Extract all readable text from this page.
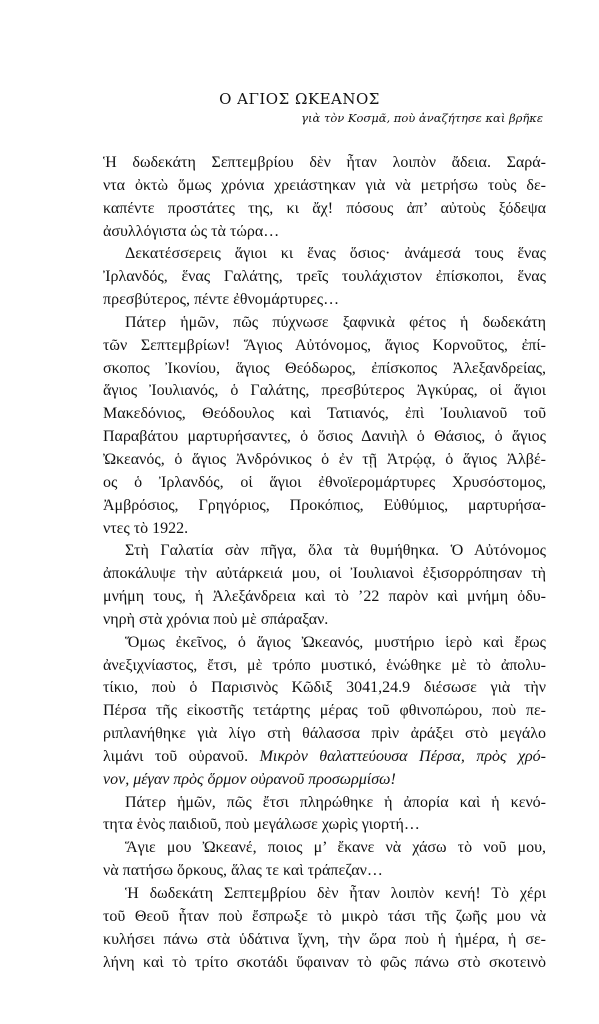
Ο ΑΓΙΟΣ ΩΚΕΑΝΟΣ
γιὰ τὸν Κοσμᾶ, ποὺ ἀναζήτησε καὶ βρῆκε
Ἡ δωδεκάτη Σεπτεμβρίου δὲν ἦταν λοιπὸν ἄδεια. Σαρά-
ντα ὀκτὼ ὅμως χρόνια χρειάστηκαν γιὰ νὰ μετρήσω τοὺς δε-
καπέντε προστάτες της, κι ἄχ! πόσους ἀπ’ αὐτοὺς ξόδεψα
ἀσυλλόγιστα ὡς τὰ τώρα…
Δεκατέσσερεις ἅγιοι κι ἕνας ὅσιος· ἀνάμεσά τους ἕνας
Ἰρλανδός, ἕνας Γαλάτης, τρεῖς τουλάχιστον ἐπίσκοποι, ἕνας
πρεσβύτερος, πέντε ἐθνομάρτυρες…
Πάτερ ἡμῶν, πῶς πύχνωσε ξαφνικὰ φέτος ἡ δωδεκάτη
τῶν Σεπτεμβρίων! Ἅγιος Αὐτόνομος, ἅγιος Κορνοῦτος, ἐπί-
σκοπος Ἰκονίου, ἅγιος Θεόδωρος, ἐπίσκοπος Ἀλεξανδρείας,
ἅγιος Ἰουλιανός, ὁ Γαλάτης, πρεσβύτερος Ἀγκύρας, οἱ ἅγιοι
Μακεδόνιος, Θεόδουλος καὶ Τατιανός, ἐπὶ Ἰουλιανοῦ τοῦ
Παραβάτου μαρτυρήσαντες, ὁ ὅσιος Δανιὴλ ὁ Θάσιος, ὁ ἅγιος
Ὠκεανός, ὁ ἅγιος Ἀνδρόνικος ὁ ἐν τῇ Ἀτρῴᾳ, ὁ ἅγιος Ἀλβέ-
ος ὁ Ἰρλανδός, οἱ ἅγιοι ἐθνοϊερομάρτυρες Χρυσόστομος,
Ἀμβρόσιος, Γρηγόριος, Προκόπιος, Εὐθύμιος, μαρτυρήσα-
ντες τὸ 1922.
Στὴ Γαλατία σὰν πῆγα, ὅλα τὰ θυμήθηκα. Ὁ Αὐτόνομος
ἀποκάλυψε τὴν αὐτάρκειά μου, οἱ Ἰουλιανοὶ ἐξισορρόπησαν τὴ
μνήμη τους, ἡ Ἀλεξάνδρεια καὶ τὸ ’22 παρὸν καὶ μνήμη ὀδυ-
νηρὴ στὰ χρόνια ποὺ μὲ σπάραξαν.
Ὅμως ἐκεῖνος, ὁ ἅγιος Ὠκεανός, μυστήριο ἱερὸ καὶ ἔρως
ἀνεξιχνίαστος, ἔτσι, μὲ τρόπο μυστικό, ἑνώθηκε μὲ τὸ ἀπολυ-
τίκιο, ποὺ ὁ Παρισινὸς Κῶδιξ 3041,24.9 διέσωσε γιὰ τὴν
Πέρσα τῆς εἰκοστῆς τετάρτης μέρας τοῦ φθινοπώρου, ποὺ πε-
ριπλανήθηκε γιὰ λίγο στὴ θάλασσα πρὶν ἀράξει στὸ μεγάλο
λιμάνι τοῦ οὐρανοῦ. Μικρὸν θαλαττεύουσα Πέρσα, πρὸς χρό-
νον, μέγαν πρὸς ὅρμον οὐρανοῦ προσωρμίσω!
Πάτερ ἡμῶν, πῶς ἔτσι πληρώθηκε ἡ ἀπορία καὶ ἡ κενό-
τητα ἑνὸς παιδιοῦ, ποὺ μεγάλωσε χωρὶς γιορτή…
Ἅγιε μου Ὠκεανέ, ποιος μ’ ἔκανε νὰ χάσω τὸ νοῦ μου,
νὰ πατήσω ὅρκους, ἅλας τε καὶ τράπεζαν…
Ἡ δωδεκάτη Σεπτεμβρίου δὲν ἦταν λοιπὸν κενή! Τὸ χέρι
τοῦ Θεοῦ ἦταν ποὺ ἔσπρωξε τὸ μικρὸ τάσι τῆς ζωῆς μου νὰ
κυλήσει πάνω στὰ ὑδάτινα ἴχνη, τὴν ὥρα ποὺ ἡ ἡμέρα, ἡ σε-
λήνη καὶ τὸ τρίτο σκοτάδι ὕφαιναν τὸ φῶς πάνω στὸ σκοτεινὸ
